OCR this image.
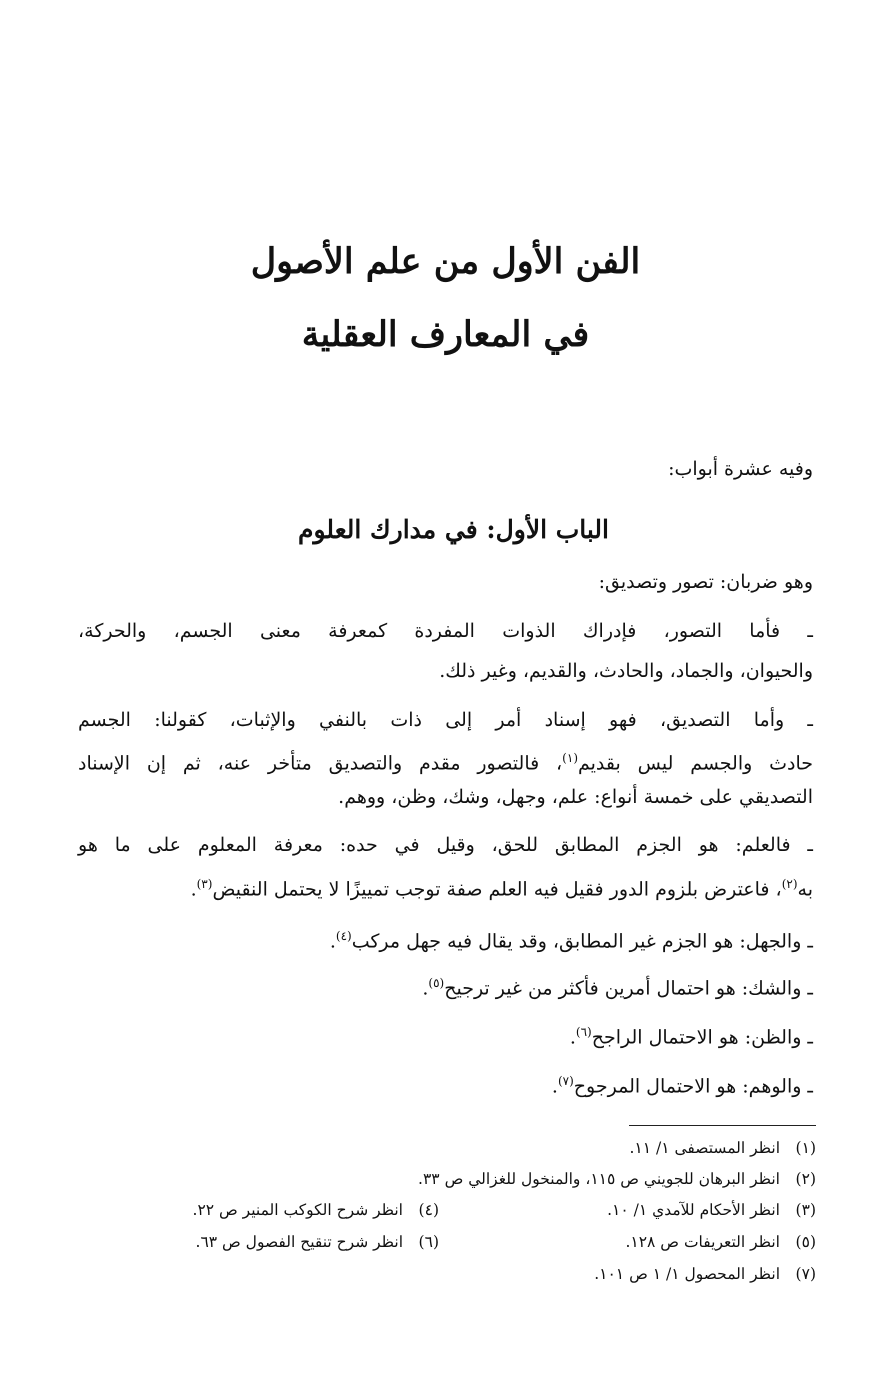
الفن الأول من علم الأصول
في المعارف العقلية
وفيه عشرة أبواب:
الباب الأول: في مدارك العلوم
وهو ضربان: تصور وتصديق:
ـ فأما التصور، فإدراك الذوات المفردة كمعرفة معنى الجسم، والحركة،
والحيوان، والجماد، والحادث، والقديم، وغير ذلك.
ـ وأما التصديق، فهو إسناد أمر إلى ذات بالنفي والإثبات، كقولنا: الجسم
حادث والجسم ليس بقديم$^{(١)}$، فالتصور مقدم والتصديق متأخر عنه، ثم إن الإسناد
التصديقي على خمسة أنواع: علم، وجهل، وشك، وظن، ووهم.
ـ فالعلم: هو الجزم المطابق للحق، وقيل في حده: معرفة المعلوم على ما هو
به$^{(٢)}$، فاعترض بلزوم الدور فقيل فيه العلم صفة توجب تمييزًا لا يحتمل النقيض$^{(٣)}$.
ـ والجهل: هو الجزم غير المطابق، وقد يقال فيه جهل مركب$^{(٤)}$.
ـ والشك: هو احتمال أمرين فأكثر من غير ترجيح$^{(٥)}$.
ـ والظن: هو الاحتمال الراجح$^{(٦)}$.
ـ والوهم: هو الاحتمال المرجوح$^{(٧)}$.
(١)انظر المستصفى ١/ ١١.
(٢)انظر البرهان للجويني ص ١١٥، والمنخول للغزالي ص ٣٣.
(٣)انظر الأحكام للآمدي ١/ ١٠.
(٤)انظر شرح الكوكب المنير ص ٢٢.
(٥)انظر التعريفات ص ١٢٨.
(٦)انظر شرح تنقيح الفصول ص ٦٣.
(٧)انظر المحصول ١/ ١ ص ١٠١.
